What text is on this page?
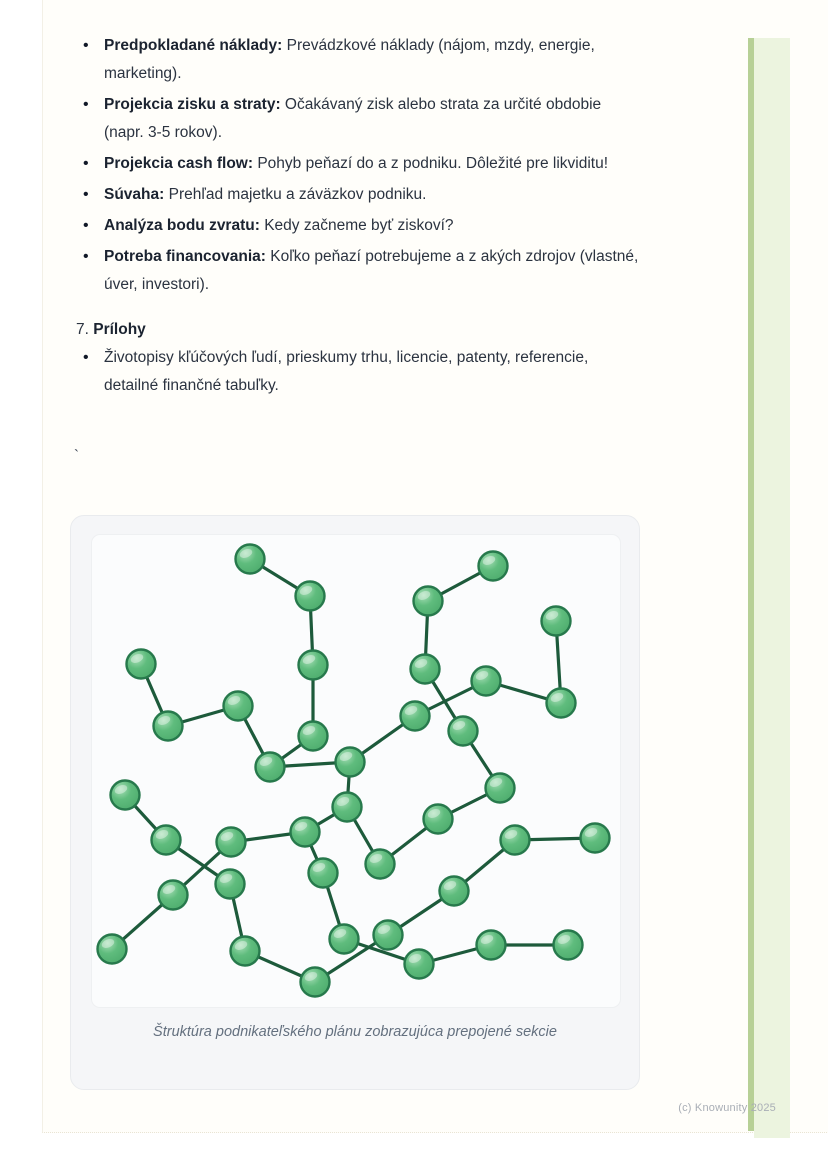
• Predpokladané náklady: Prevádzkové náklady (nájom, mzdy, energie, marketing).
• Projekcia zisku a straty: Očakávaný zisk alebo strata za určité obdobie (napr. 3-5 rokov).
• Projekcia cash flow: Pohyb peňazí do a z podniku. Dôležité pre likviditu!
• Súvaha: Prehľad majetku a záväzkov podniku.
• Analýza bodu zvratu: Kedy začneme byť ziskoví?
• Potreba financovania: Koľko peňazí potrebujeme a z akých zdrojov (vlastné, úver, investori).
7. Prílohy
• Životopisy kľúčových ľudí, prieskumy trhu, licencie, patenty, referencie, detailné finančné tabuľky.
`
Štruktúra podnikateľského plánu zobrazujúca prepojené sekcie
(c) Knowunity 2025
